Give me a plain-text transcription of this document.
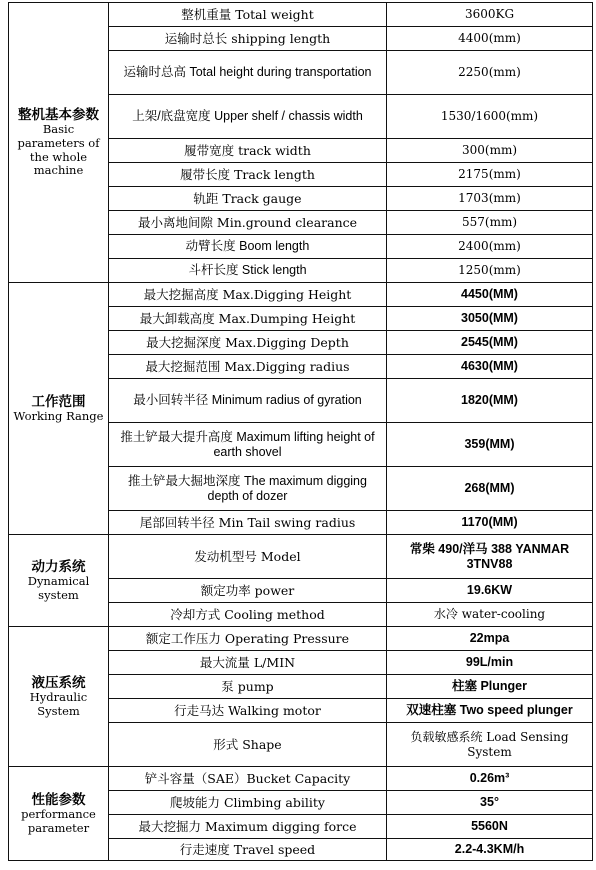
整机基本参数
Basic parameters of the whole machine	整机重量 Total weight	3600KG
	运输时总长 shipping length	4400(mm)
	运输时总高 Total height during transportation	2250(mm)
	上架/底盘宽度 Upper shelf / chassis width	1530/1600(mm)
	履带宽度 track width	300(mm)
	履带长度 Track length	2175(mm)
	轨距 Track gauge	1703(mm)
	最小离地间隙 Min.ground clearance	557(mm)
	动臂长度 Boom length	2400(mm)
	斗杆长度 Stick length	1250(mm)

工作范围
Working Range	最大挖掘高度 Max.Digging Height	4450(MM)
	最大卸载高度 Max.Dumping Height	3050(MM)
	最大挖掘深度 Max.Digging Depth	2545(MM)
	最大挖掘范围 Max.Digging radius	4630(MM)
	最小回转半径 Minimum radius of gyration	1820(MM)
	推土铲最大提升高度 Maximum lifting height of earth shovel	359(MM)
	推土铲最大掘地深度 The maximum digging depth of dozer	268(MM)
	尾部回转半径 Min Tail swing radius	1170(MM)

动力系统
Dynamical system	发动机型号 Model	常柴 490/洋马 388 YANMAR 3TNV88
	额定功率 power	19.6KW
	冷却方式 Cooling method	水冷 water-cooling

液压系统
Hydraulic System	额定工作压力 Operating Pressure	22mpa
	最大流量 L/MIN	99L/min
	泵 pump	柱塞 Plunger
	行走马达 Walking motor	双速柱塞 Two speed plunger
	形式 Shape	负载敏感系统 Load Sensing System

性能参数
performance parameter	铲斗容量（SAE）Bucket Capacity	0.26m³
	爬坡能力 Climbing ability	35°
	最大挖掘力 Maximum digging force	5560N
	行走速度 Travel speed	2.2-4.3KM/h
